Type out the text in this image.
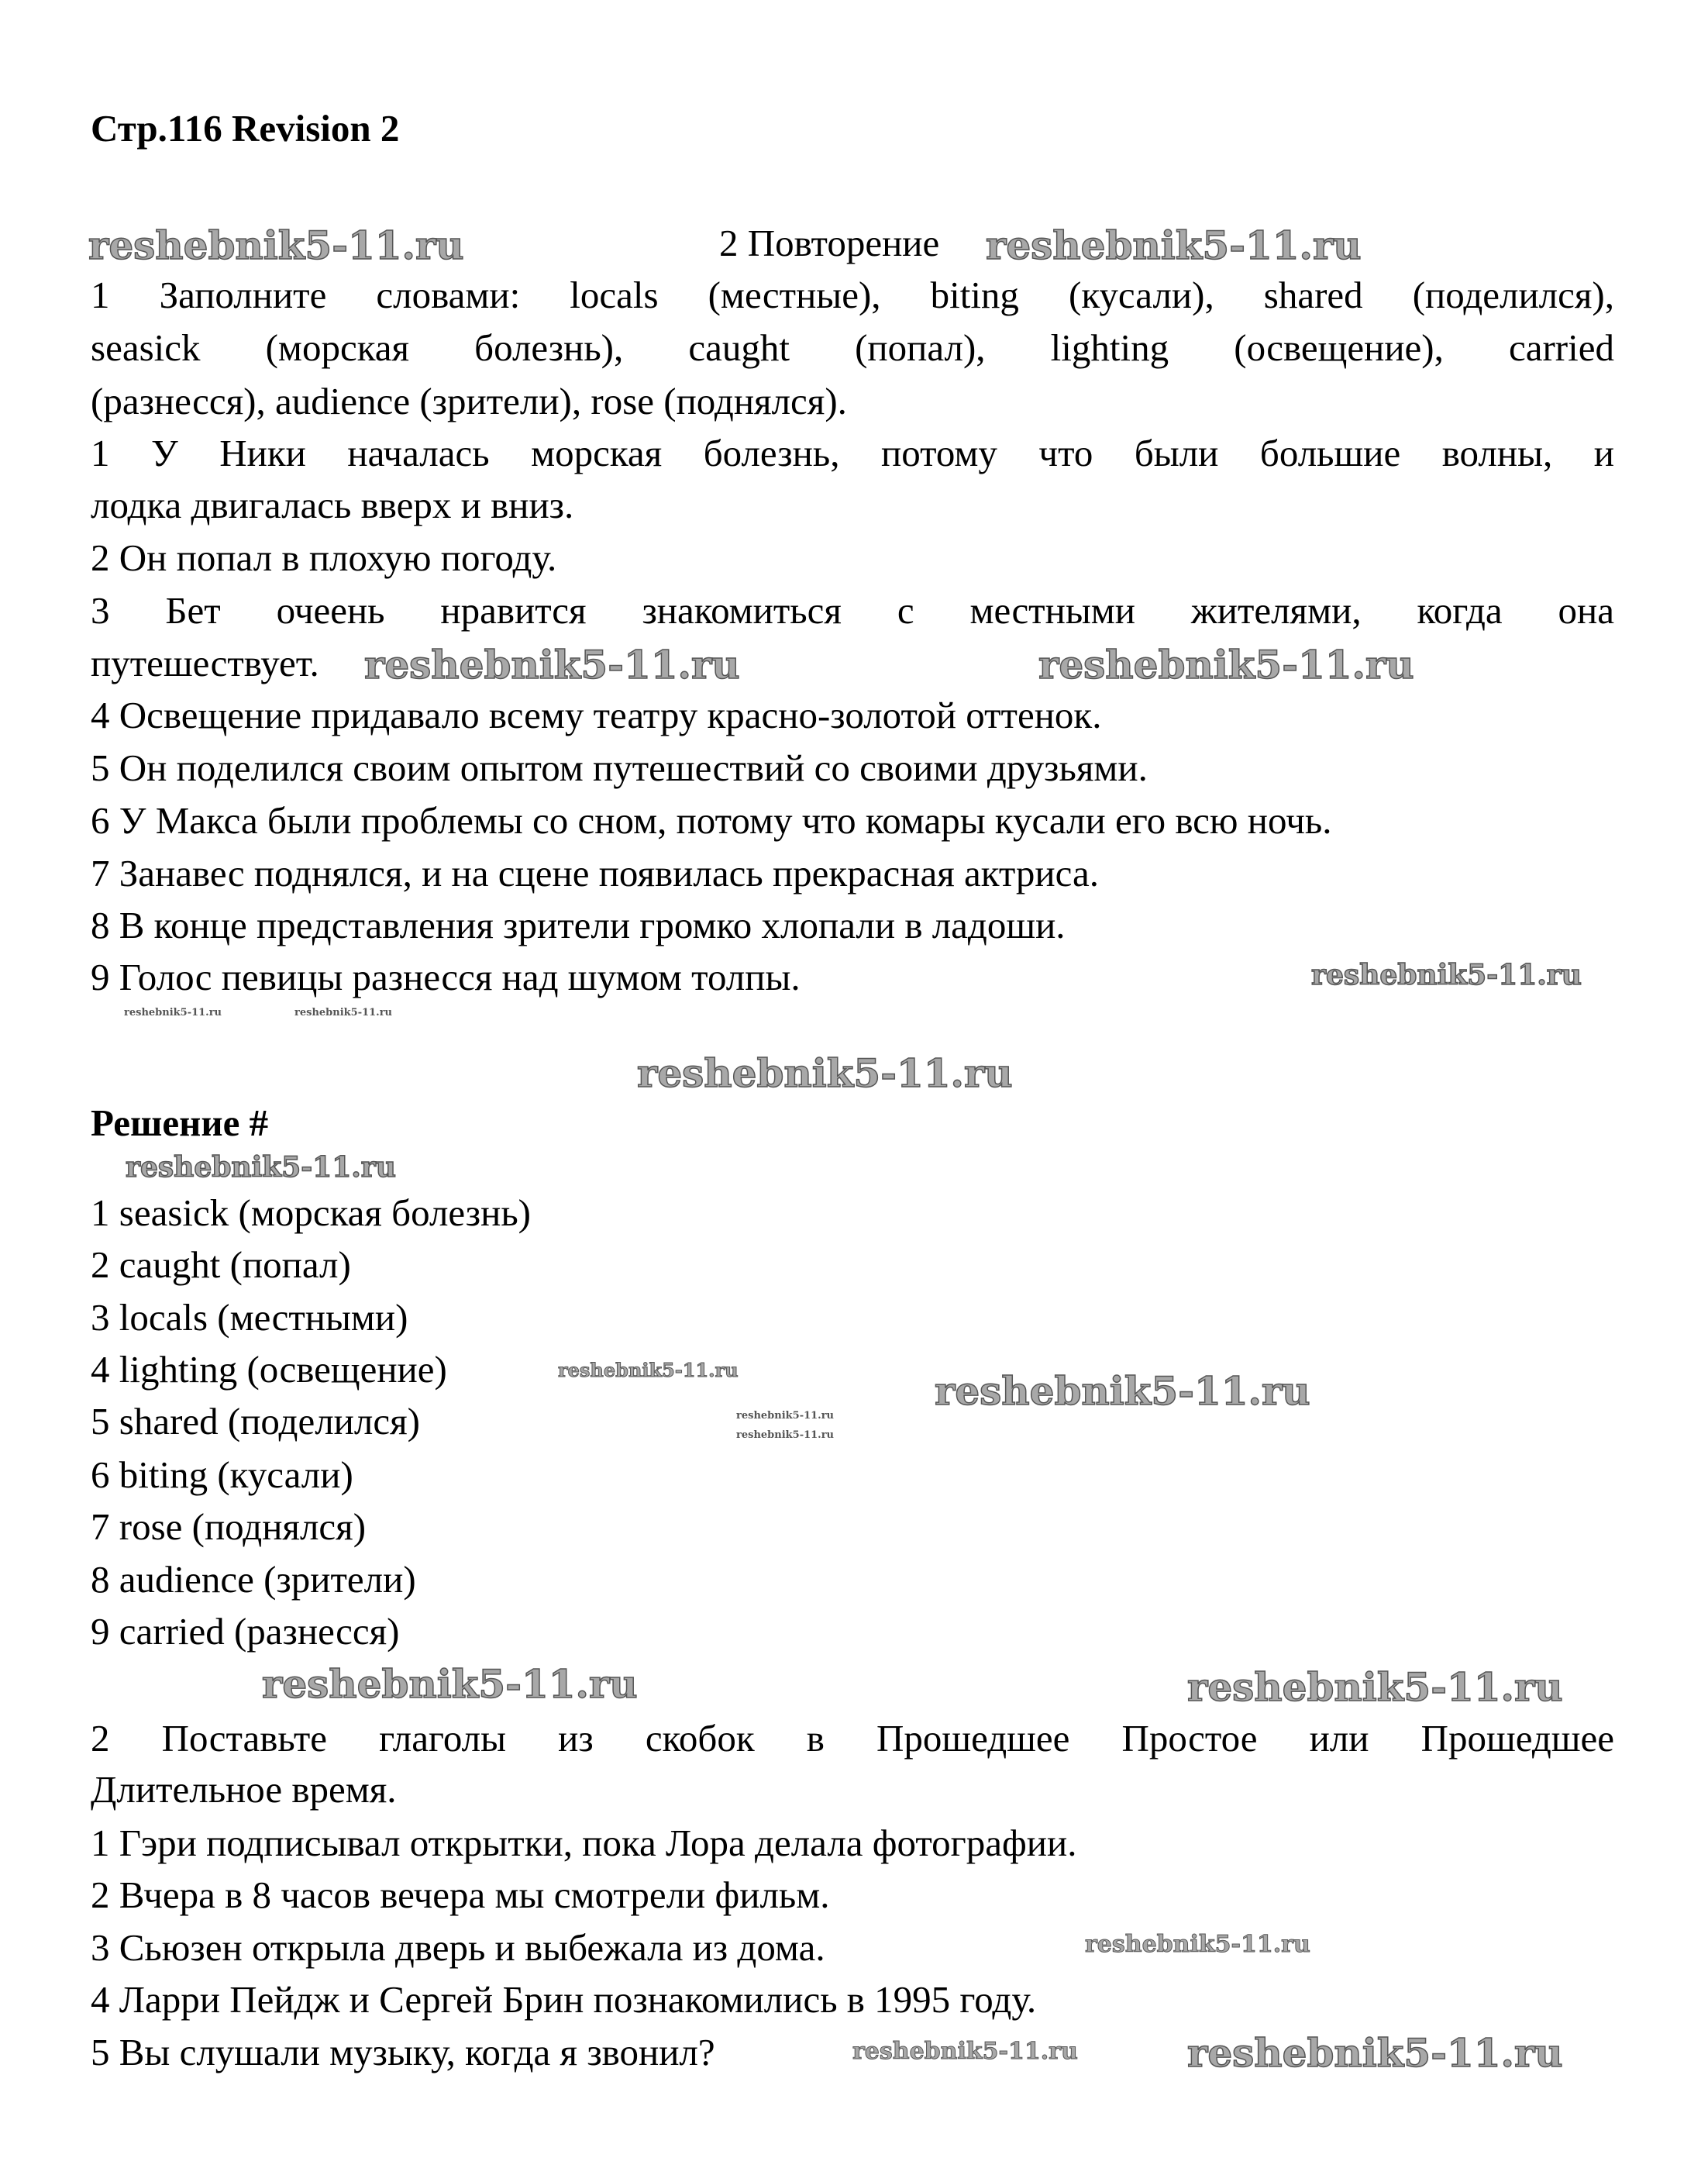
Стр.116 Revision 2
2 Повторение
1 Заполните словами: locals (местные), biting (кусали), shared (поделился),
seasick (морская болезнь), caught (попал), lighting (освещение), carried
(разнесся), audience (зрители), rose (поднялся).
1 У Ники началась морская болезнь, потому что были большие волны, и
лодка двигалась вверх и вниз.
2 Он попал в плохую погоду.
3 Бет очеень нравится знакомиться с местными жителями, когда она
путешествует.
4 Освещение придавало всему театру красно-золотой оттенок.
5 Он поделился своим опытом путешествий со своими друзьями.
6 У Макса были проблемы со сном, потому что комары кусали его всю ночь.
7 Занавес поднялся, и на сцене появилась прекрасная актриса.
8 В конце представления зрители громко хлопали в ладоши.
9 Голос певицы разнесся над шумом толпы.
Решение #
1 seasick (морская болезнь)
2 caught (попал)
3 locals (местными)
4 lighting (освещение)
5 shared (поделился)
6 biting (кусали)
7 rose (поднялся)
8 audience (зрители)
9 carried (разнесся)
2 Поставьте глаголы из скобок в Прошедшее Простое или Прошедшее
Длительное время.
1 Гэри подписывал открытки, пока Лора делала фотографии.
2 Вчера в 8 часов вечера мы смотрели фильм.
3 Сьюзен открыла дверь и выбежала из дома.
4 Ларри Пейдж и Сергей Брин познакомились в 1995 году.
5 Вы слушали музыку, когда я звонил?
reshebnik5-11.ru	reshebnik5-11.ru
reshebnik5-11.ru	reshebnik5-11.ru
reshebnik5-11.ru
reshebnik5-11.ru
reshebnik5-11.ru
reshebnik5-11.ru
reshebnik5-11.ru	reshebnik5-11.ru
reshebnik5-11.ru
reshebnik5-11.ru
reshebnik5-11.ru
reshebnik5-11.ru
reshebnik5-11.ru	reshebnik5-11.ru
reshebnik5-11.ru
reshebnik5-11.ru
